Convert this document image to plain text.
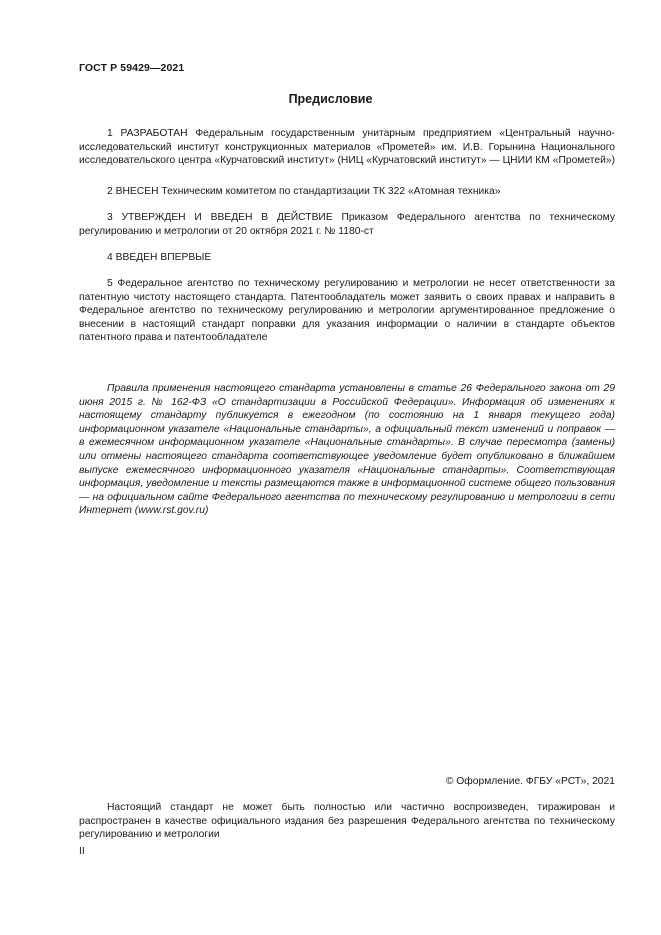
ГОСТ Р 59429—2021
Предисловие

1 РАЗРАБОТАН Федеральным государственным унитарным предприятием «Центральный научно-исследовательский институт конструкционных материалов «Прометей» им. И.В. Горынина Национального исследовательского центра «Курчатовский институт» (НИЦ «Курчатовский институт» — ЦНИИ КМ «Прометей»)

2 ВНЕСЕН Техническим комитетом по стандартизации ТК 322 «Атомная техника»

3 УТВЕРЖДЕН И ВВЕДЕН В ДЕЙСТВИЕ Приказом Федерального агентства по техническому регулированию и метрологии от 20 октября 2021 г. № 1180-ст

4 ВВЕДЕН ВПЕРВЫЕ

5 Федеральное агентство по техническому регулированию и метрологии не несет ответственности за патентную чистоту настоящего стандарта. Патентообладатель может заявить о своих правах и направить в Федеральное агентство по техническому регулированию и метрологии аргументированное предложение о внесении в настоящий стандарт поправки для указания информации о наличии в стандарте объектов патентного права и патентообладателе

Правила применения настоящего стандарта установлены в статье 26 Федерального закона от 29 июня 2015 г. № 162-ФЗ «О стандартизации в Российской Федерации». Информация об изменениях к настоящему стандарту публикуется в ежегодном (по состоянию на 1 января текущего года) информационном указателе «Национальные стандарты», а официальный текст изменений и поправок — в ежемесячном информационном указателе «Национальные стандарты». В случае пересмотра (замены) или отмены настоящего стандарта соответствующее уведомление будет опубликовано в ближайшем выпуске ежемесячного информационного указателя «Национальные стандарты». Соответствующая информация, уведомление и тексты размещаются также в информационной системе общего пользования — на официальном сайте Федерального агентства по техническому регулированию и метрологии в сети Интернет (www.rst.gov.ru)

© Оформление. ФГБУ «РСТ», 2021

Настоящий стандарт не может быть полностью или частично воспроизведен, тиражирован и распространен в качестве официального издания без разрешения Федерального агентства по техническому регулированию и метрологии

II
